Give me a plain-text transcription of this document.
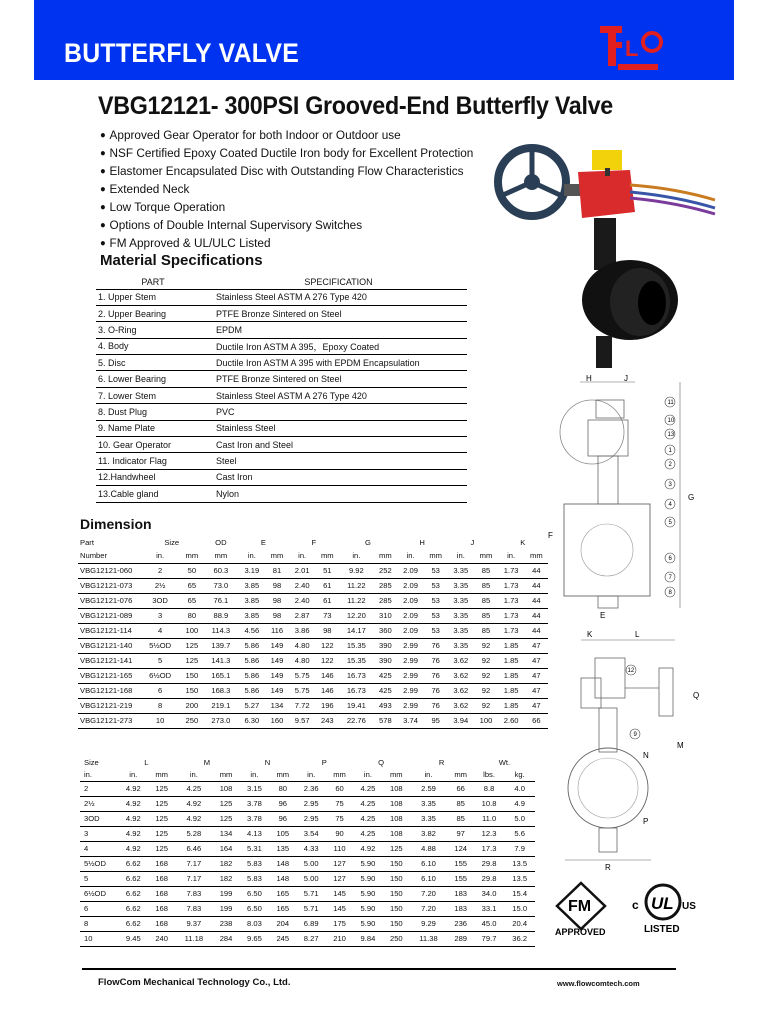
BUTTERFLY VALVE	L
VBG12121- 300PSI Grooved-End Butterfly Valve
● Approved Gear Operator for both Indoor or Outdoor use
● NSF Certified Epoxy Coated Ductile Iron body for Excellent Protection
● Elastomer Encapsulated Disc with Outstanding Flow Characteristics
● Extended Neck
● Low Torque Operation
● Options of Double Internal Supervisory Switches
● FM Approved & UL/ULC Listed
Material Specifications
PART	SPECIFICATION
1. Upper Stem	Stainless Steel ASTM A 276 Type 420
2. Upper Bearing	PTFE Bronze Sintered on Steel
3. O-Ring	EPDM
4. Body	Ductile Iron ASTM A 395，Epoxy Coated
5. Disc	Ductile Iron ASTM A 395 with EPDM Encapsulation
6. Lower Bearing	PTFE Bronze Sintered on Steel
7. Lower Stem	Stainless Steel ASTM A 276 Type 420
8. Dust Plug	PVC
9. Name Plate	Stainless Steel
10. Gear Operator	Cast Iron and Steel
11. Indicator Flag	Steel
12.Handwheel	Cast Iron
13.Cable gland	Nylon
Dimension
Part	Size		OD	E		F		G		H		J		K	
Number	in.	mm	mm	in.	mm	in.	mm	in.	mm	in.	mm	in.	mm	in.	mm
VBG12121-060	2	50	60.3	3.19	81	2.01	51	9.92	252	2.09	53	3.35	85	1.73	44
VBG12121-073	2½	65	73.0	3.85	98	2.40	61	11.22	285	2.09	53	3.35	85	1.73	44
VBG12121-076	3OD	65	76.1	3.85	98	2.40	61	11.22	285	2.09	53	3.35	85	1.73	44
VBG12121-089	3	80	88.9	3.85	98	2.87	73	12.20	310	2.09	53	3.35	85	1.73	44
VBG12121-114	4	100	114.3	4.56	116	3.86	98	14.17	360	2.09	53	3.35	85	1.73	44
VBG12121-140	5½OD	125	139.7	5.86	149	4.80	122	15.35	390	2.99	76	3.35	92	1.85	47
VBG12121-141	5	125	141.3	5.86	149	4.80	122	15.35	390	2.99	76	3.62	92	1.85	47
VBG12121-165	6½OD	150	165.1	5.86	149	5.75	146	16.73	425	2.99	76	3.62	92	1.85	47
VBG12121-168	6	150	168.3	5.86	149	5.75	146	16.73	425	2.99	76	3.62	92	1.85	47
VBG12121-219	8	200	219.1	5.27	134	7.72	196	19.41	493	2.99	76	3.62	92	1.85	47
VBG12121-273	10	250	273.0	6.30	160	9.57	243	22.76	578	3.74	95	3.94	100	2.60	66
Size	L		M		N		P		Q		R		Wt.	
in.	in.	mm	in.	mm	in.	mm	in.	mm	in.	mm	in.	mm	lbs.	kg.
2	4.92	125	4.25	108	3.15	80	2.36	60	4.25	108	2.59	66	8.8	4.0
2½	4.92	125	4.92	125	3.78	96	2.95	75	4.25	108	3.35	85	10.8	4.9
3OD	4.92	125	4.92	125	3.78	96	2.95	75	4.25	108	3.35	85	11.0	5.0
3	4.92	125	5.28	134	4.13	105	3.54	90	4.25	108	3.82	97	12.3	5.6
4	4.92	125	6.46	164	5.31	135	4.33	110	4.92	125	4.88	124	17.3	7.9
5½OD	6.62	168	7.17	182	5.83	148	5.00	127	5.90	150	6.10	155	29.8	13.5
5	6.62	168	7.17	182	5.83	148	5.00	127	5.90	150	6.10	155	29.8	13.5
6½OD	6.62	168	7.83	199	6.50	165	5.71	145	5.90	150	7.20	183	34.0	15.4
6	6.62	168	7.83	199	6.50	165	5.71	145	5.90	150	7.20	183	33.1	15.0
8	6.62	168	9.37	238	8.03	204	6.89	175	5.90	150	9.29	236	45.0	20.4
10	9.45	240	11.18	284	9.65	245	8.27	210	9.84	250	11.38	289	79.7	36.2
H	J
G
F
E
11
10
13
1
2
3
4
5
6
7
8
K	L
Q
M
N
P
R
12
9
FM
APPROVED
UL
c	US
LISTED
FlowCom Mechanical Technology Co., Ltd.	www.flowcomtech.com
